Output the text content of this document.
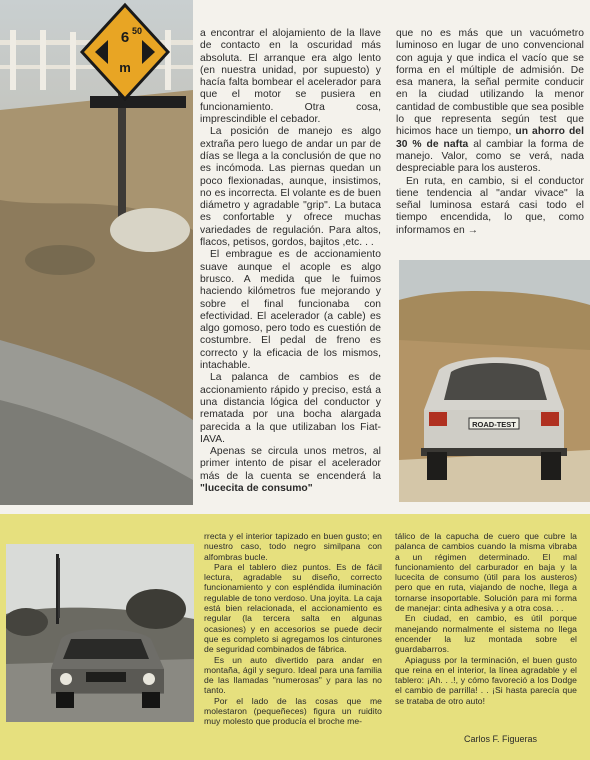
6 50
m
ROAD-TEST

a encontrar el alojamiento de la llave de contacto en la oscuridad más absoluta. El arranque era algo lento (en nuestra unidad, por supuesto) y hacía falta bombear el acelerador para que el motor se pusiera en funcionamiento. Otra cosa, imprescindible el cebador.

La posición de manejo es algo extraña pero luego de andar un par de días se llega a la conclusión de que no es incómoda. Las piernas quedan un poco flexionadas, aunque, insistimos, no es incorrecta. El volante es de buen diámetro y agradable "grip". La butaca es confortable y ofrece muchas variedades de regulación. Para altos, flacos, petisos, gordos, bajitos ,etc. . .

El embrague es de accionamiento suave aunque el acople es algo brusco. A medida que le fuimos haciendo kilómetros fue mejorando y sobre el final funcionaba con efectividad. El acelerador (a cable) es algo gomoso, pero todo es cuestión de costumbre. El pedal de freno es correcto y la eficacia de los mismos, intachable.

La palanca de cambios es de accionamiento rápido y preciso, está a una distancia lógica del conductor y rematada por una bocha alargada parecida a la que utilizaban los Fiat-IAVA.

Apenas se circula unos metros, al primer intento de pisar el acelerador más de la cuenta se encenderá la "lucecita de consumo"

que no es más que un vacuómetro luminoso en lugar de uno convencional con aguja y que indica el vacío que se forma en el múltiple de admisión. De esa manera, la señal permite conducir en la ciudad utilizando la menor cantidad de combustible que sea posible lo que representa según test que hicimos hace un tiempo, un ahorro del 30 % de nafta al cambiar la forma de manejo. Valor, como se verá, nada despreciable para los austeros.

En ruta, en cambio, si el conductor tiene tendencia al "andar vivace" la señal luminosa estará casi todo el tiempo encendida, lo que, como informamos en →

rrecta y el interior tapizado en buen gusto; en nuestro caso, todo negro similpana con alfombras bucle.

Para el tablero diez puntos. Es de fácil lectura, agradable su diseño, correcto funcionamiento y con espléndida iluminación regulable de tono verdoso. Una joyita. La caja está bien relacionada, el accionamiento es regular (la tercera salta en algunas ocasiones) y en accesorios se puede decir que es completo si agregamos los cinturones de seguridad combinados de fábrica.

Es un auto divertido para andar en montaña, ágil y seguro. Ideal para una familia de las llamadas "numerosas" y para las no tanto.

Por el lado de las cosas que me molestaron (pequeñeces) figura un ruidito muy molesto que producía el broche me-

tálico de la capucha de cuero que cubre la palanca de cambios cuando la misma vibraba a un régimen determinado. El mal funcionamiento del carburador en baja y la lucecita de consumo (útil para los austeros) pero que en ruta, viajando de noche, llega a tornarse insoportable. Solución para mi forma de manejar: cinta adhesiva y a otra cosa. . .

En ciudad, en cambio, es útil porque manejando normalmente el sistema no llega encender la luz montada sobre el guardabarros.

Apiaguss por la terminación, el buen gusto que reina en el interior, la línea agradable y el tablero: ¡Ah. . .!, y cómo favoreció a los Dodge el cambio de parrilla! . . ¡Si hasta parecía que se trataba de otro auto!

Carlos F. Figueras
